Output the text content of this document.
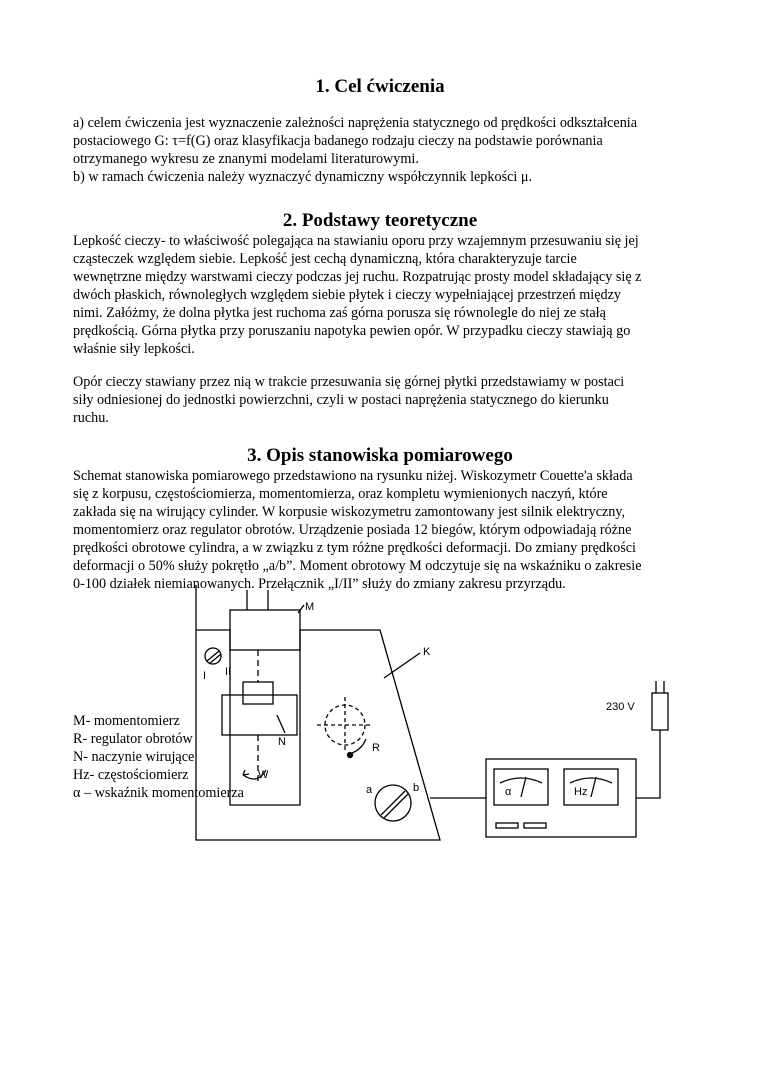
1. Cel ćwiczenia
a) celem ćwiczenia jest wyznaczenie zależności naprężenia statycznego od prędkości odkształcenia
postaciowego G: τ=f(G) oraz klasyfikacja badanego rodzaju cieczy na podstawie porównania
otrzymanego wykresu ze znanymi modelami literaturowymi.
b) w ramach ćwiczenia należy wyznaczyć dynamiczny współczynnik lepkości μ.
2. Podstawy teoretyczne
Lepkość cieczy- to właściwość polegająca na stawianiu oporu przy wzajemnym przesuwaniu się jej
cząsteczek względem siebie. Lepkość jest cechą dynamiczną, która charakteryzuje tarcie
wewnętrzne między warstwami cieczy podczas jej ruchu. Rozpatrując prosty model składający się z
dwóch płaskich, równoległych względem siebie płytek i cieczy wypełniającej przestrzeń między
nimi. Załóżmy, że dolna płytka jest ruchoma zaś górna porusza się równolegle do niej ze stałą
prędkością. Górna płytka przy poruszaniu napotyka pewien opór. W przypadku cieczy stawiają go
właśnie siły lepkości.
Opór cieczy stawiany przez nią w trakcie przesuwania się górnej płytki przedstawiamy w postaci
siły odniesionej do jednostki powierzchni, czyli w postaci naprężenia statycznego do kierunku
ruchu.
3. Opis stanowiska pomiarowego
Schemat stanowiska pomiarowego przedstawiono na rysunku niżej. Wiskozymetr Couette'a składa
się z korpusu, częstościomierza, momentomierza, oraz kompletu wymienionych naczyń, które
zakłada się na wirujący cylinder. W korpusie wiskozymetru zamontowany jest silnik elektryczny,
momentomierz oraz regulator obrotów. Urządzenie posiada 12 biegów, którym odpowiadają różne
prędkości obrotowe cylindra, a w związku z tym różne prędkości deformacji. Do zmiany prędkości
deformacji o 50% służy pokrętło „a/b”. Moment obrotowy M odczytuje się na wskaźniku o zakresie
0-100 działek niemianowanych. Przełącznik „I/II” służy do zmiany zakresu przyrządu.
M
K
N	R
W
a	b
I II
α	Hz
230 V
M- momentomierz
R- regulator obrotów
N- naczynie wirujące
Hz- częstościomierz
α – wskaźnik momentomierza
